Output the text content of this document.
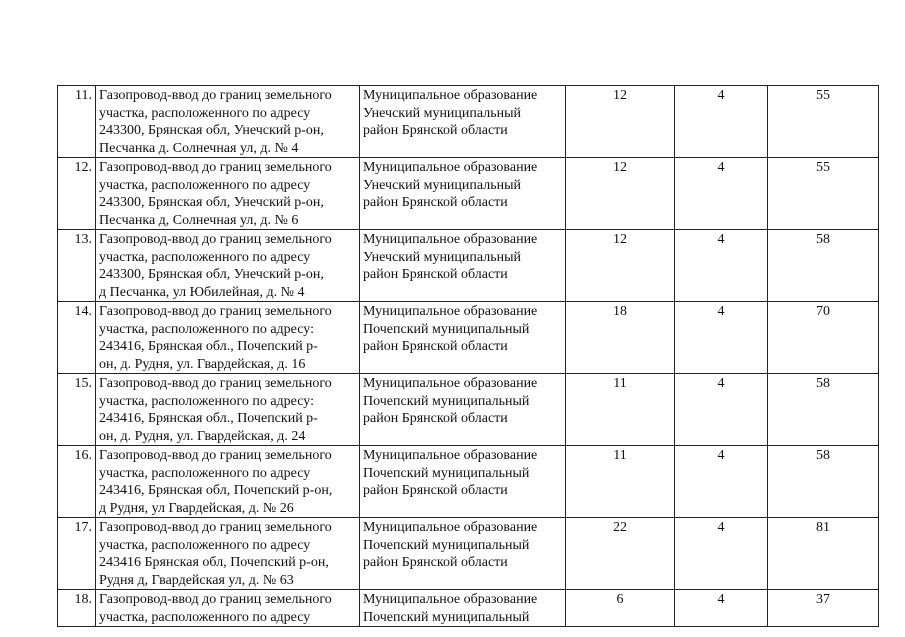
11.	Газопровод-ввод до границ земельного
участка, расположенного по адресу
243300, Брянская обл, Унечский р-он,
Песчанка д. Солнечная ул, д. № 4	Муниципальное образование
Унечский муниципальный
район Брянской области	12	4	55
12.	Газопровод-ввод до границ земельного
участка, расположенного по адресу
243300, Брянская обл, Унечский р-он,
Песчанка д, Солнечная ул, д. № 6	Муниципальное образование
Унечский муниципальный
район Брянской области	12	4	55
13.	Газопровод-ввод до границ земельного
участка, расположенного по адресу
243300, Брянская обл, Унечский р-он,
д Песчанка, ул Юбилейная, д. № 4	Муниципальное образование
Унечский муниципальный
район Брянской области	12	4	58
14.	Газопровод-ввод до границ земельного
участка, расположенного по адресу:
243416, Брянская обл., Почепский р-
он, д. Рудня, ул. Гвардейская, д. 16	Муниципальное образование
Почепский муниципальный
район Брянской области	18	4	70
15.	Газопровод-ввод до границ земельного
участка, расположенного по адресу:
243416, Брянская обл., Почепский р-
он, д. Рудня, ул. Гвардейская, д. 24	Муниципальное образование
Почепский муниципальный
район Брянской области	11	4	58
16.	Газопровод-ввод до границ земельного
участка, расположенного по адресу
243416, Брянская обл, Почепский р-он,
д Рудня, ул Гвардейская, д. № 26	Муниципальное образование
Почепский муниципальный
район Брянской области	11	4	58
17.	Газопровод-ввод до границ земельного
участка, расположенного по адресу
243416 Брянская обл, Почепский р-он,
Рудня д, Гвардейская ул, д. № 63	Муниципальное образование
Почепский муниципальный
район Брянской области	22	4	81
18.	Газопровод-ввод до границ земельного
участка, расположенного по адресу	Муниципальное образование
Почепский муниципальный	6	4	37
